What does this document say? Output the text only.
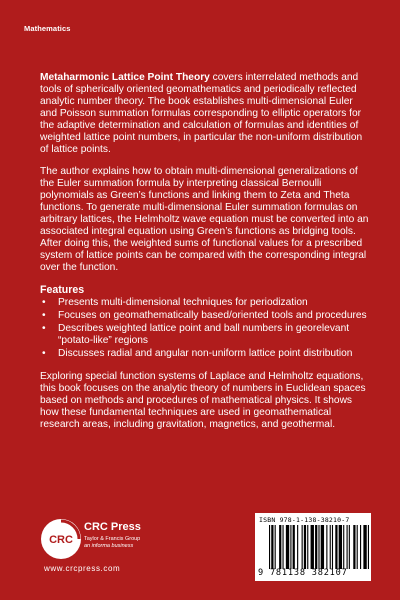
Mathematics

Metaharmonic Lattice Point Theory covers interrelated methods and tools of spherically oriented geomathematics and periodically reflected analytic number theory. The book establishes multi-dimensional Euler and Poisson summation formulas corresponding to elliptic operators for the adaptive determination and calculation of formulas and identities of weighted lattice point numbers, in particular the non-uniform distribution of lattice points.

The author explains how to obtain multi-dimensional generalizations of the Euler summation formula by interpreting classical Bernoulli polynomials as Green’s functions and linking them to Zeta and Theta functions. To generate multi-dimensional Euler summation formulas on arbitrary lattices, the Helmholtz wave equation must be converted into an associated integral equation using Green’s functions as bridging tools. After doing this, the weighted sums of functional values for a prescribed system of lattice points can be compared with the corresponding integral over the function.

Features
• Presents multi-dimensional techniques for periodization
• Focuses on geomathematically based/oriented tools and procedures
• Describes weighted lattice point and ball numbers in georelevant “potato-like” regions
• Discusses radial and angular non-uniform lattice point distribution

Exploring special function systems of Laplace and Helmholtz equations, this book focuses on the analytic theory of numbers in Euclidean spaces based on methods and procedures of mathematical physics. It shows how these fundamental techniques are used in geomathematical research areas, including gravitation, magnetics, and geothermal.

CRC
CRC Press
Taylor & Francis Group
an informa business
www.crcpress.com
ISBN 978-1-138-38210-7
9 781138 382107
